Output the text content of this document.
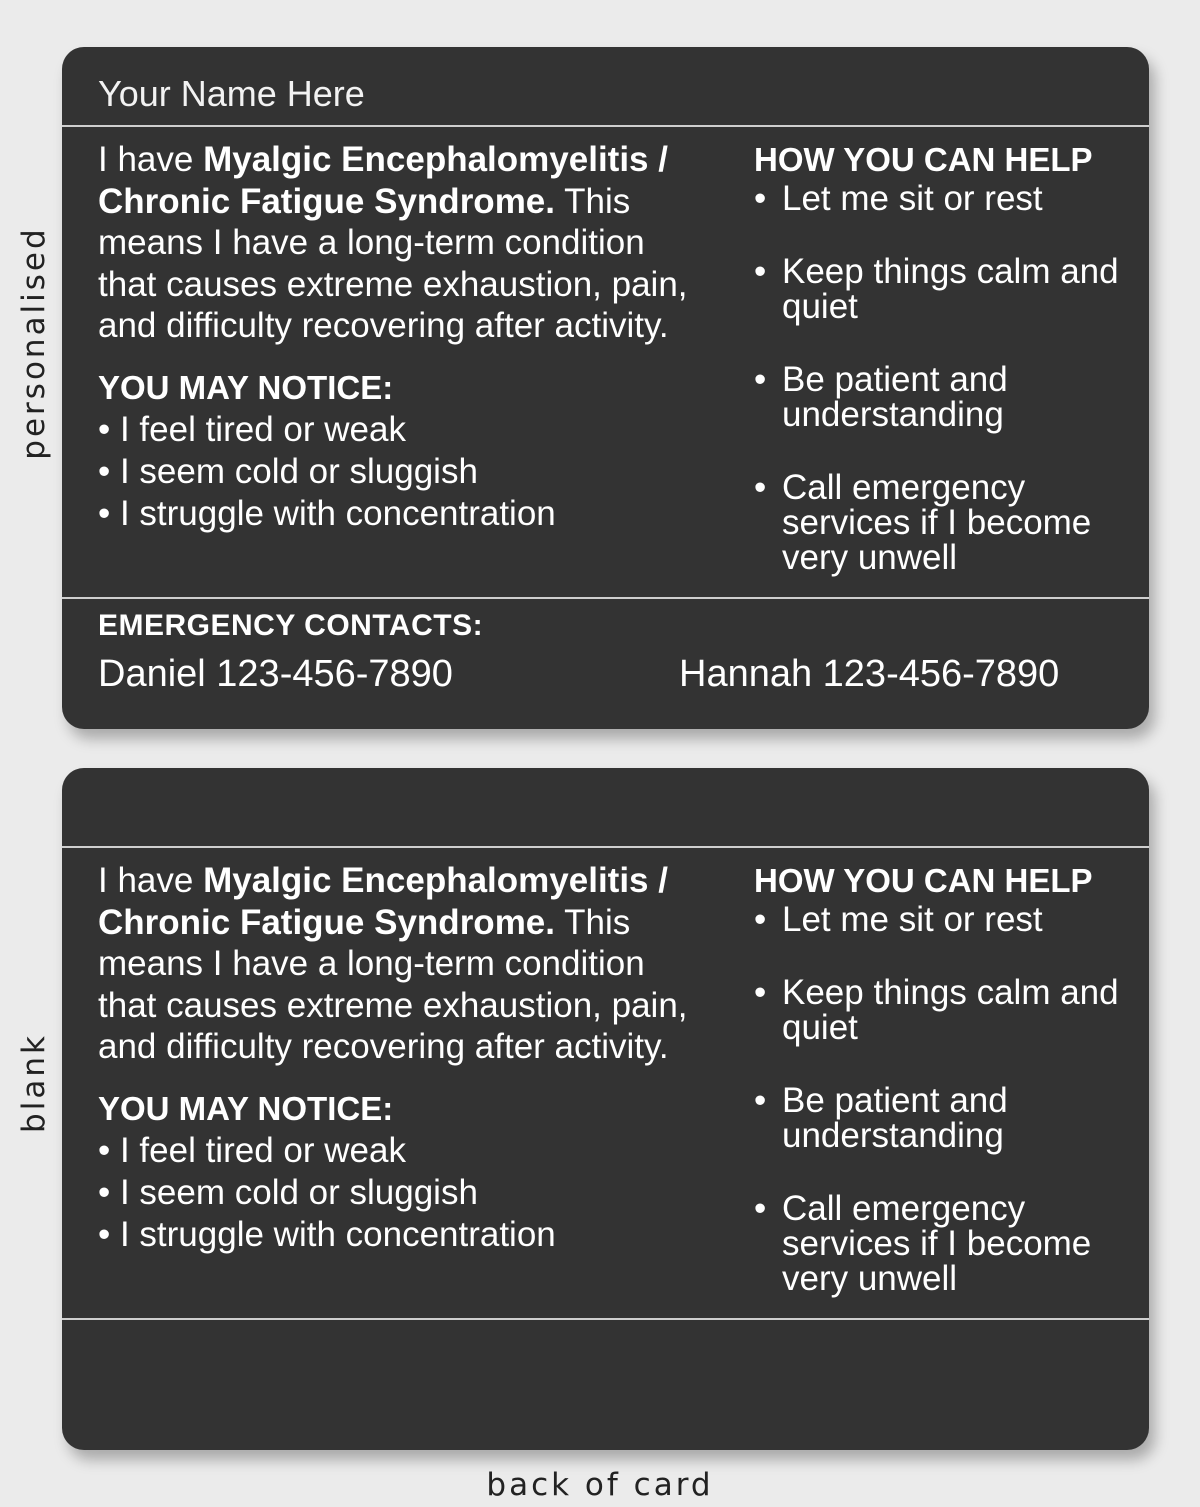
personalised
blank
Your Name Here
I have Myalgic Encephalomyelitis / Chronic Fatigue Syndrome. This means I have a long-term condition that causes extreme exhaustion, pain, and difficulty recovering after activity.
YOU MAY NOTICE:
• I feel tired or weak
• I seem cold or sluggish
• I struggle with concentration
HOW YOU CAN HELP
• Let me sit or rest
• Keep things calm and quiet
• Be patient and understanding
• Call emergency services if I become very unwell
EMERGENCY CONTACTS:
Daniel 123-456-7890	Hannah 123-456-7890
I have Myalgic Encephalomyelitis / Chronic Fatigue Syndrome. This means I have a long-term condition that causes extreme exhaustion, pain, and difficulty recovering after activity.
YOU MAY NOTICE:
• I feel tired or weak
• I seem cold or sluggish
• I struggle with concentration
HOW YOU CAN HELP
• Let me sit or rest
• Keep things calm and quiet
• Be patient and understanding
• Call emergency services if I become very unwell
back of card
